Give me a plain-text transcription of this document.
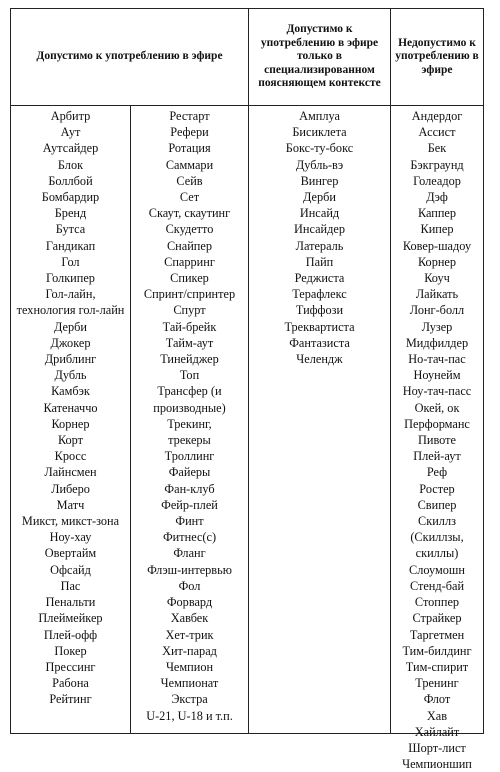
Допустимо к употреблению в эфире
Допустимо к употреблению в эфире только в специализированном поясняющем контексте
Недопустимо к употреблению в эфире
Арбитр
Аут
Аутсайдер
Блок
Боллбой
Бомбардир
Бренд
Бутса
Гандикап
Гол
Голкипер
Гол-лайн,
технология гол-лайн
Дерби
Джокер
Дриблинг
Дубль
Камбэк
Катеначчо
Корнер
Корт
Кросс
Лайнсмен
Либеро
Матч
Микст, микст-зона
Ноу-хау
Овертайм
Офсайд
Пас
Пенальти
Плеймейкер
Плей-офф
Покер
Прессинг
Рабона
Рейтинг
Рестарт
Рефери
Ротация
Саммари
Сейв
Сет
Скаут, скаутинг
Скудетто
Снайпер
Спарринг
Спикер
Спринт/спринтер
Спурт
Тай-брейк
Тайм-аут
Тинейджер
Топ
Трансфер (и
производные)
Трекинг,
трекеры
Троллинг
Файеры
Фан-клуб
Фейр-плей
Финт
Фитнес(с)
Фланг
Флэш-интервью
Фол
Форвард
Хавбек
Хет-трик
Хит-парад
Чемпион
Чемпионат
Экстра
U-21, U-18 и т.п.
Амплуа
Бисиклета
Бокс-ту-бокс
Дубль-вэ
Вингер
Дерби
Инсайд
Инсайдер
Латераль
Пайп
Реджиста
Терафлекс
Тиффози
Треквартиста
Фантазиста
Челендж
Андердог
Ассист
Бек
Бэкграунд
Голеадор
Дэф
Каппер
Кипер
Ковер-шадоу
Корнер
Коуч
Лайкать
Лонг-болл
Лузер
Мидфилдер
Но-тач-пас
Ноунейм
Ноу-тач-пасс
Окей, ок
Перформанс
Пивоте
Плей-аут
Реф
Ростер
Свипер
Скиллз
(Скиллзы,
скиллы)
Слоумошн
Стенд-бай
Стоппер
Страйкер
Таргетмен
Тим-билдинг
Тим-спирит
Тренинг
Флот
Хав
Хайлайт
Шорт-лист
Чемпионшип
